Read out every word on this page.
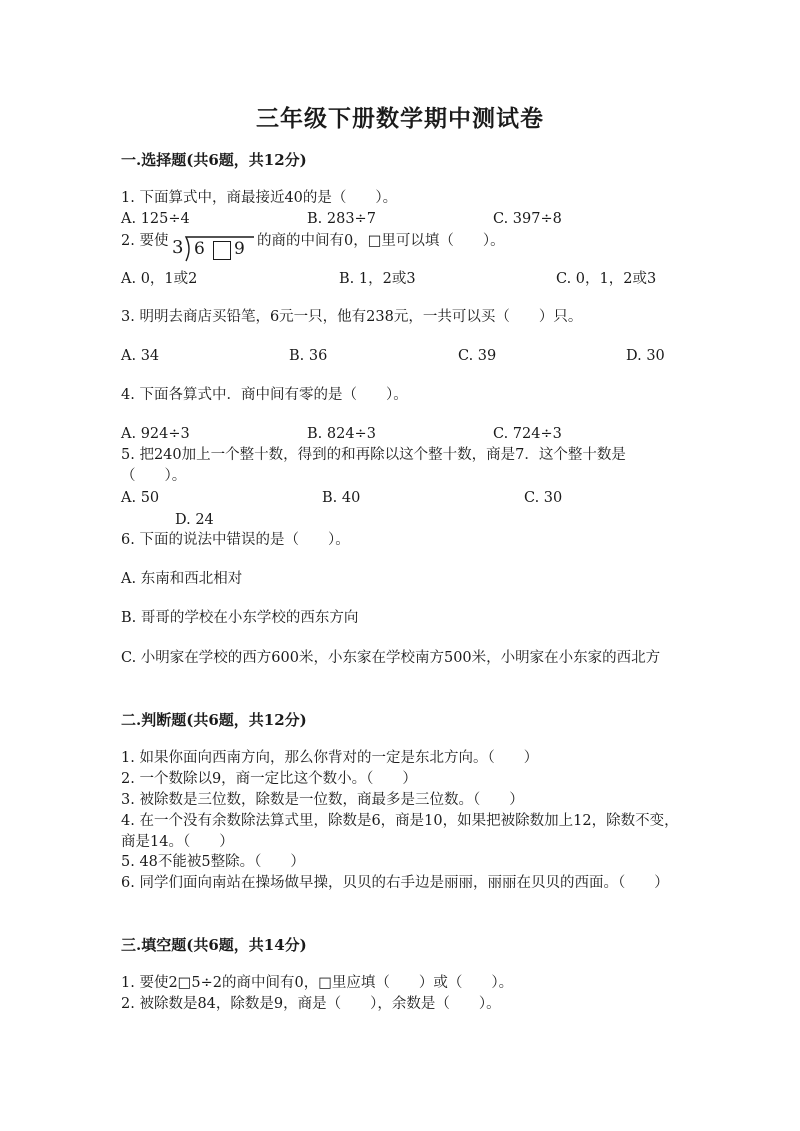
三年级下册数学期中测试卷
一.选择题(共6题，共12分)
1. 下面算式中，商最接近40的是（　　）。
A. 125÷4	B. 283÷7	C. 397÷8
2. 要使 3 6 9 的商的中间有0，□里可以填（　　）。
A. 0，1或2	B. 1，2或3	C. 0，1，2或3
3. 明明去商店买铅笔，6元一只，他有238元，一共可以买（　　）只。
A. 34	B. 36	C. 39	D. 30
4. 下面各算式中．商中间有零的是（　　）。
A. 924÷3	B. 824÷3	C. 724÷3
5. 把240加上一个整十数，得到的和再除以这个整十数，商是7．这个整十数是（　　）。
A. 50	B. 40	C. 30
D. 24
6. 下面的说法中错误的是（　　）。
A. 东南和西北相对
B. 哥哥的学校在小东学校的西东方向
C. 小明家在学校的西方600米，小东家在学校南方500米，小明家在小东家的西北方
二.判断题(共6题，共12分)
1. 如果你面向西南方向，那么你背对的一定是东北方向。（　　）
2. 一个数除以9，商一定比这个数小。（　　）
3. 被除数是三位数，除数是一位数，商最多是三位数。（　　）
4. 在一个没有余数除法算式里，除数是6，商是10，如果把被除数加上12，除数不变，商是14。（　　）
5. 48不能被5整除。（　　）
6. 同学们面向南站在操场做早操，贝贝的右手边是丽丽，丽丽在贝贝的西面。（　　）
三.填空题(共6题，共14分)
1. 要使2□5÷2的商中间有0，□里应填（　　）或（　　）。
2. 被除数是84，除数是9，商是（　　），余数是（　　）。
